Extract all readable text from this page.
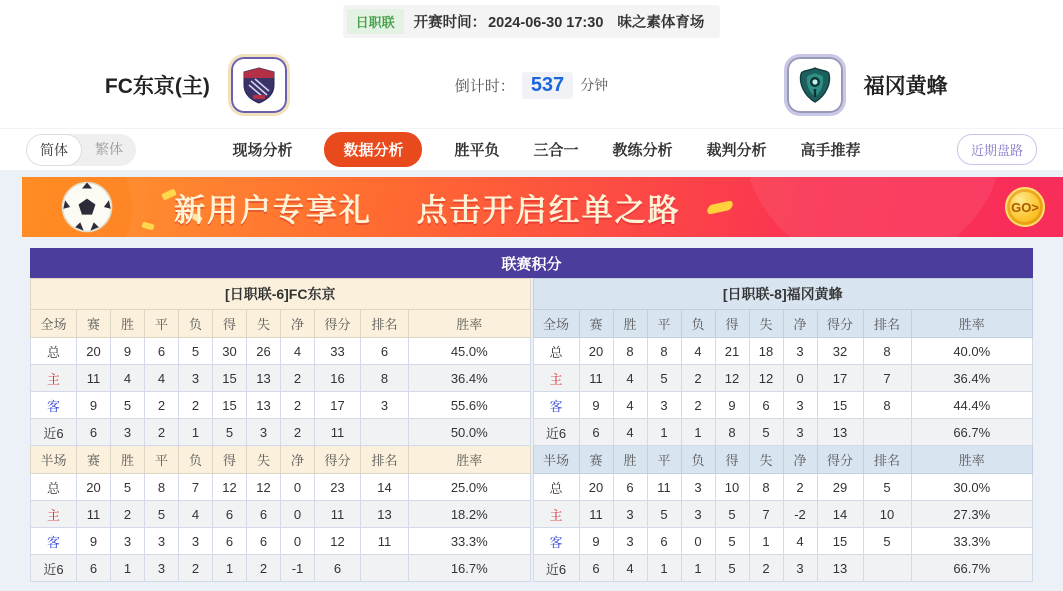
日职联	开赛时间： 2024-06-30 17:30 味之素体育场
FC东京(主)	倒计时： 537	分钟	福冈黄蜂
简体	繁体	现场分析	数据分析	胜平负 三合一 教练分析 裁判分析 高手推荐	近期盘路
新用户专享礼 点击开启红单之路	GO>
联赛积分
[日职联-6]FC东京										
全场	赛	胜	平	负	得	失	净	得分	排名	胜率
总	20	9	6	5	30	26	4	33	6	45.0%
主	11	4	4	3	15	13	2	16	8	36.4%
客	9	5	2	2	15	13	2	17	3	55.6%
近6	6	3	2	1	5	3	2	11		50.0%
半场	赛	胜	平	负	得	失	净	得分	排名	胜率
总	20	5	8	7	12	12	0	23	14	25.0%
主	11	2	5	4	6	6	0	11	13	18.2%
客	9	3	3	3	6	6	0	12	11	33.3%
近6	6	1	3	2	1	2	-1	6		16.7%
[日职联-8]福冈黄蜂										
全场	赛	胜	平	负	得	失	净	得分	排名	胜率
总	20	8	8	4	21	18	3	32	8	40.0%
主	11	4	5	2	12	12	0	17	7	36.4%
客	9	4	3	2	9	6	3	15	8	44.4%
近6	6	4	1	1	8	5	3	13		66.7%
半场	赛	胜	平	负	得	失	净	得分	排名	胜率
总	20	6	11	3	10	8	2	29	5	30.0%
主	11	3	5	3	5	7	-2	14	10	27.3%
客	9	3	6	0	5	1	4	15	5	33.3%
近6	6	4	1	1	5	2	3	13		66.7%
